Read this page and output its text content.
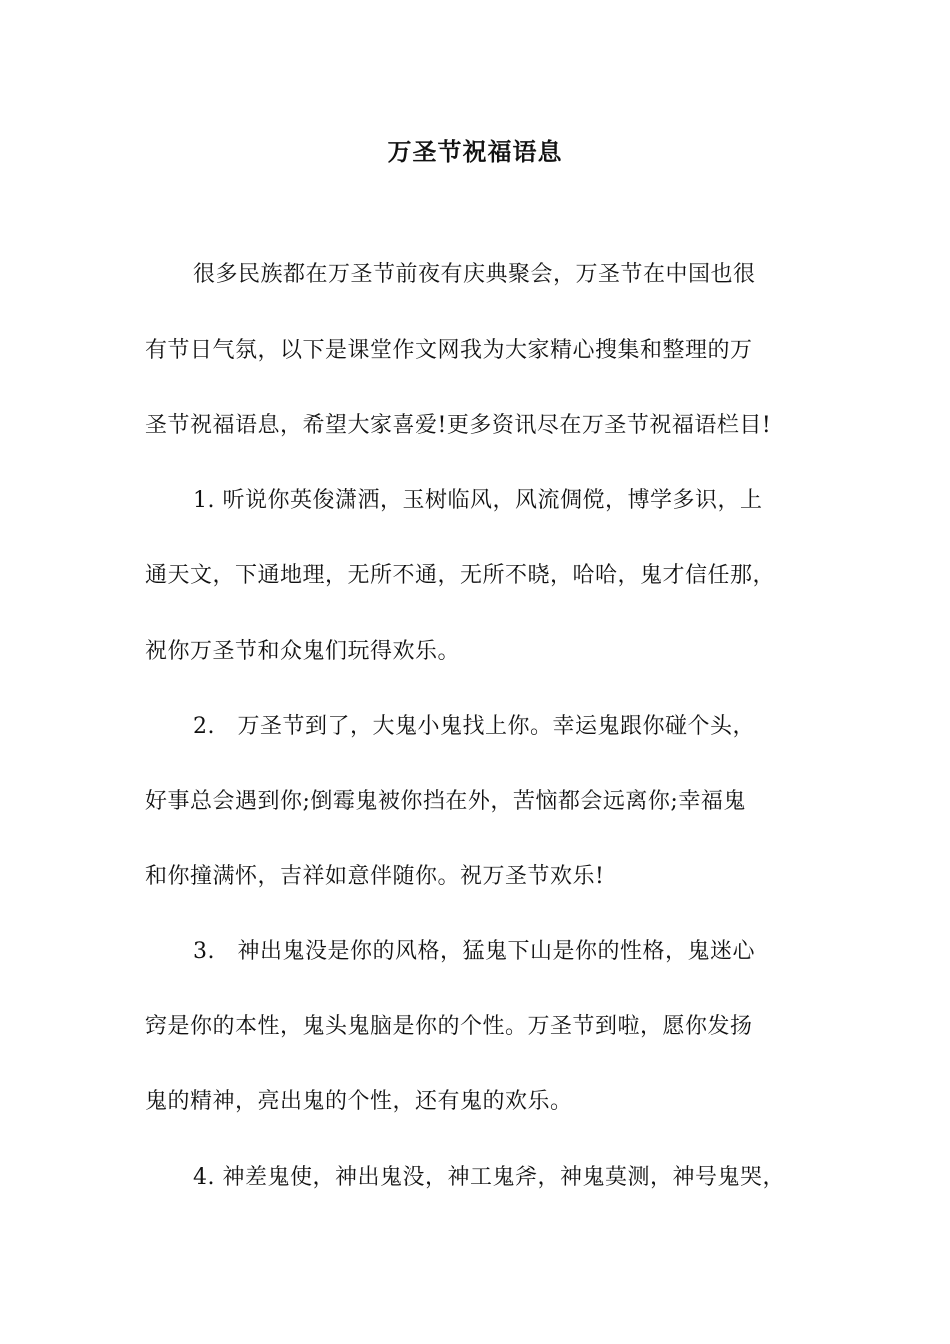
万圣节祝福语息
很多民族都在万圣节前夜有庆典聚会，万圣节在中国也很
有节日气氛，以下是课堂作文网我为大家精心搜集和整理的万
圣节祝福语息，希望大家喜爱!更多资讯尽在万圣节祝福语栏目!
1. 听说你英俊潇洒，玉树临风，风流倜傥，博学多识，上
通天文，下通地理，无所不通，无所不晓，哈哈，鬼才信任那，
祝你万圣节和众鬼们玩得欢乐。
2.　万圣节到了，大鬼小鬼找上你。幸运鬼跟你碰个头，
好事总会遇到你;倒霉鬼被你挡在外，苦恼都会远离你;幸福鬼
和你撞满怀，吉祥如意伴随你。祝万圣节欢乐!
3.　神出鬼没是你的风格，猛鬼下山是你的性格，鬼迷心
窍是你的本性，鬼头鬼脑是你的个性。万圣节到啦，愿你发扬
鬼的精神，亮出鬼的个性，还有鬼的欢乐。
4. 神差鬼使，神出鬼没，神工鬼斧，神鬼莫测，神号鬼哭，
